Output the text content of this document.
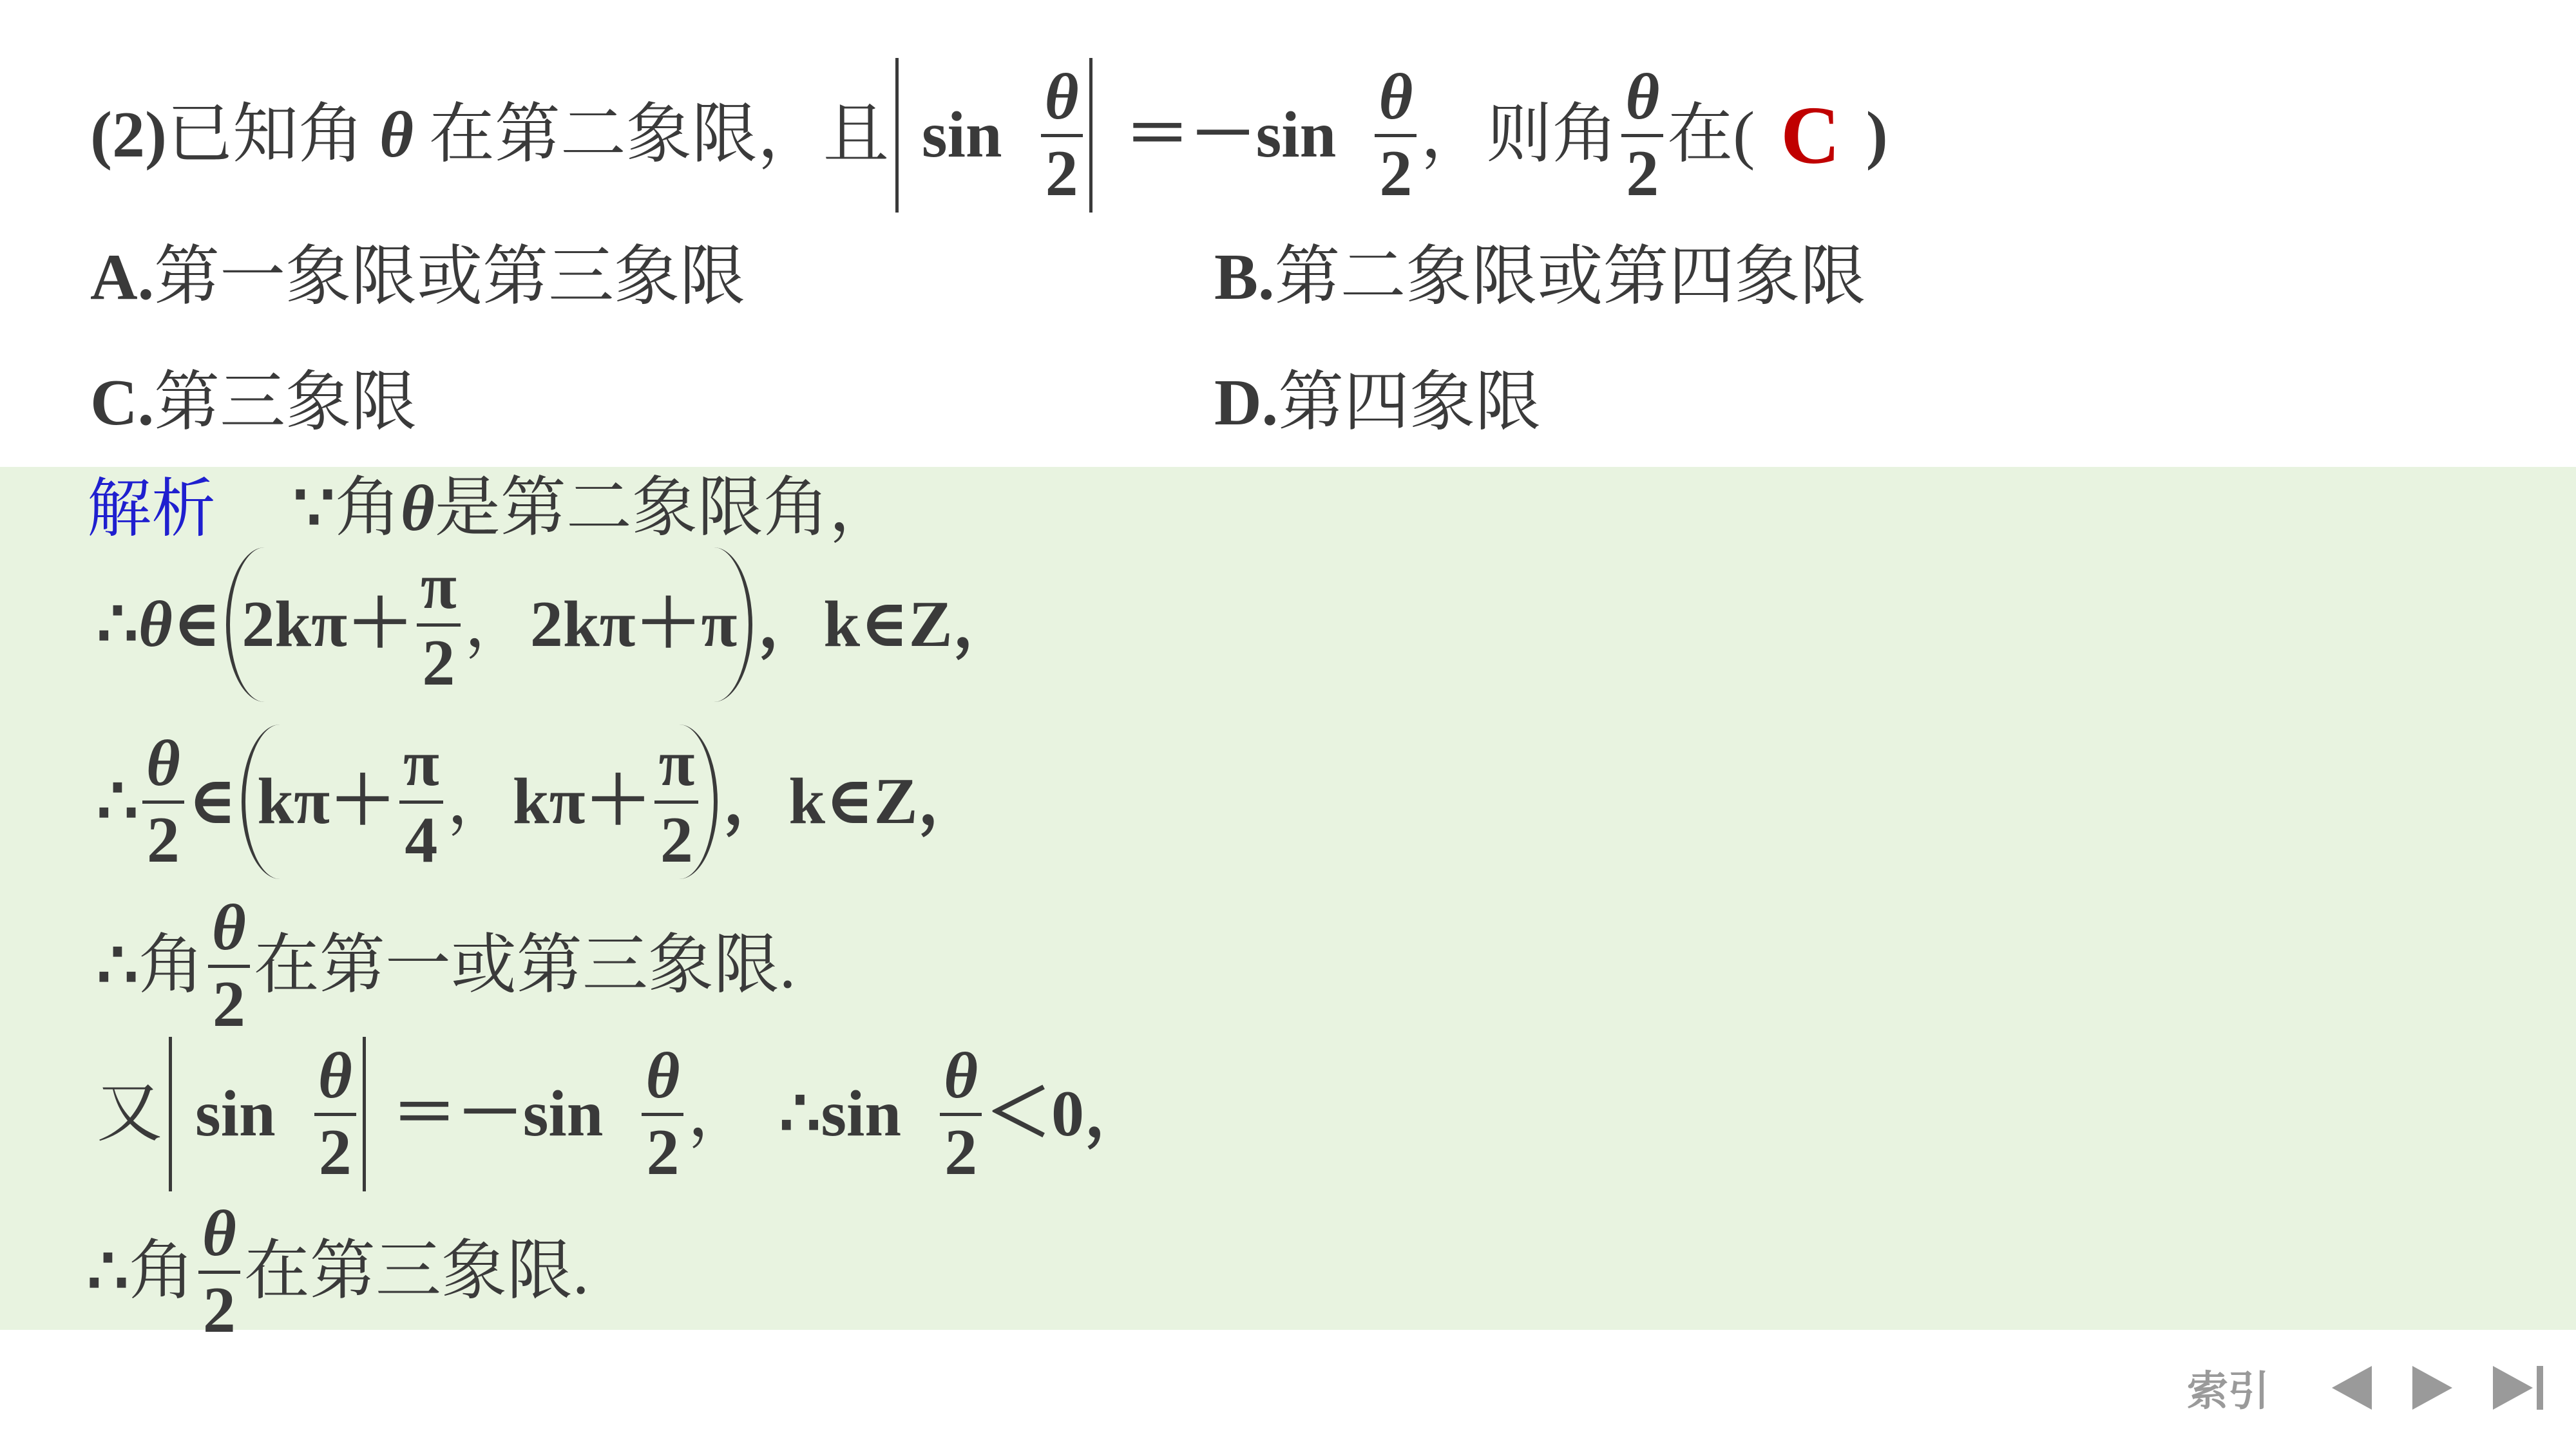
(2) 已知角 θ 在第二象限，且 $\sin \frac{\theta}{2} =-\sin \frac{\theta}{2}$ ，则角 $\frac{\theta}{2}$ 在( C )
A. 第一象限或第三象限	B. 第二象限或第四象限
C. 第三象限	D. 第四象限
解析 ∵ 角 θ 是第二象限角，
∴ θ ∈ $2k\pi+ \frac{\pi}{2}$ ， 2kπ＋π ，k∈Z，
∴ $\frac{\theta}{2}$ ∈ $k\pi+ \frac{\pi}{4}$ ， $k\pi+ \frac{\pi}{2}$ ，k∈Z，
∴ 角 $\frac{\theta}{2}$ 在第一或第三象限.
又 $\sin \frac{\theta}{2} =-\sin \frac{\theta}{2}$ ， ∴sin $\frac{\theta}{2} <0$，
∴ 角 $\frac{\theta}{2}$ 在第三象限.
索引
